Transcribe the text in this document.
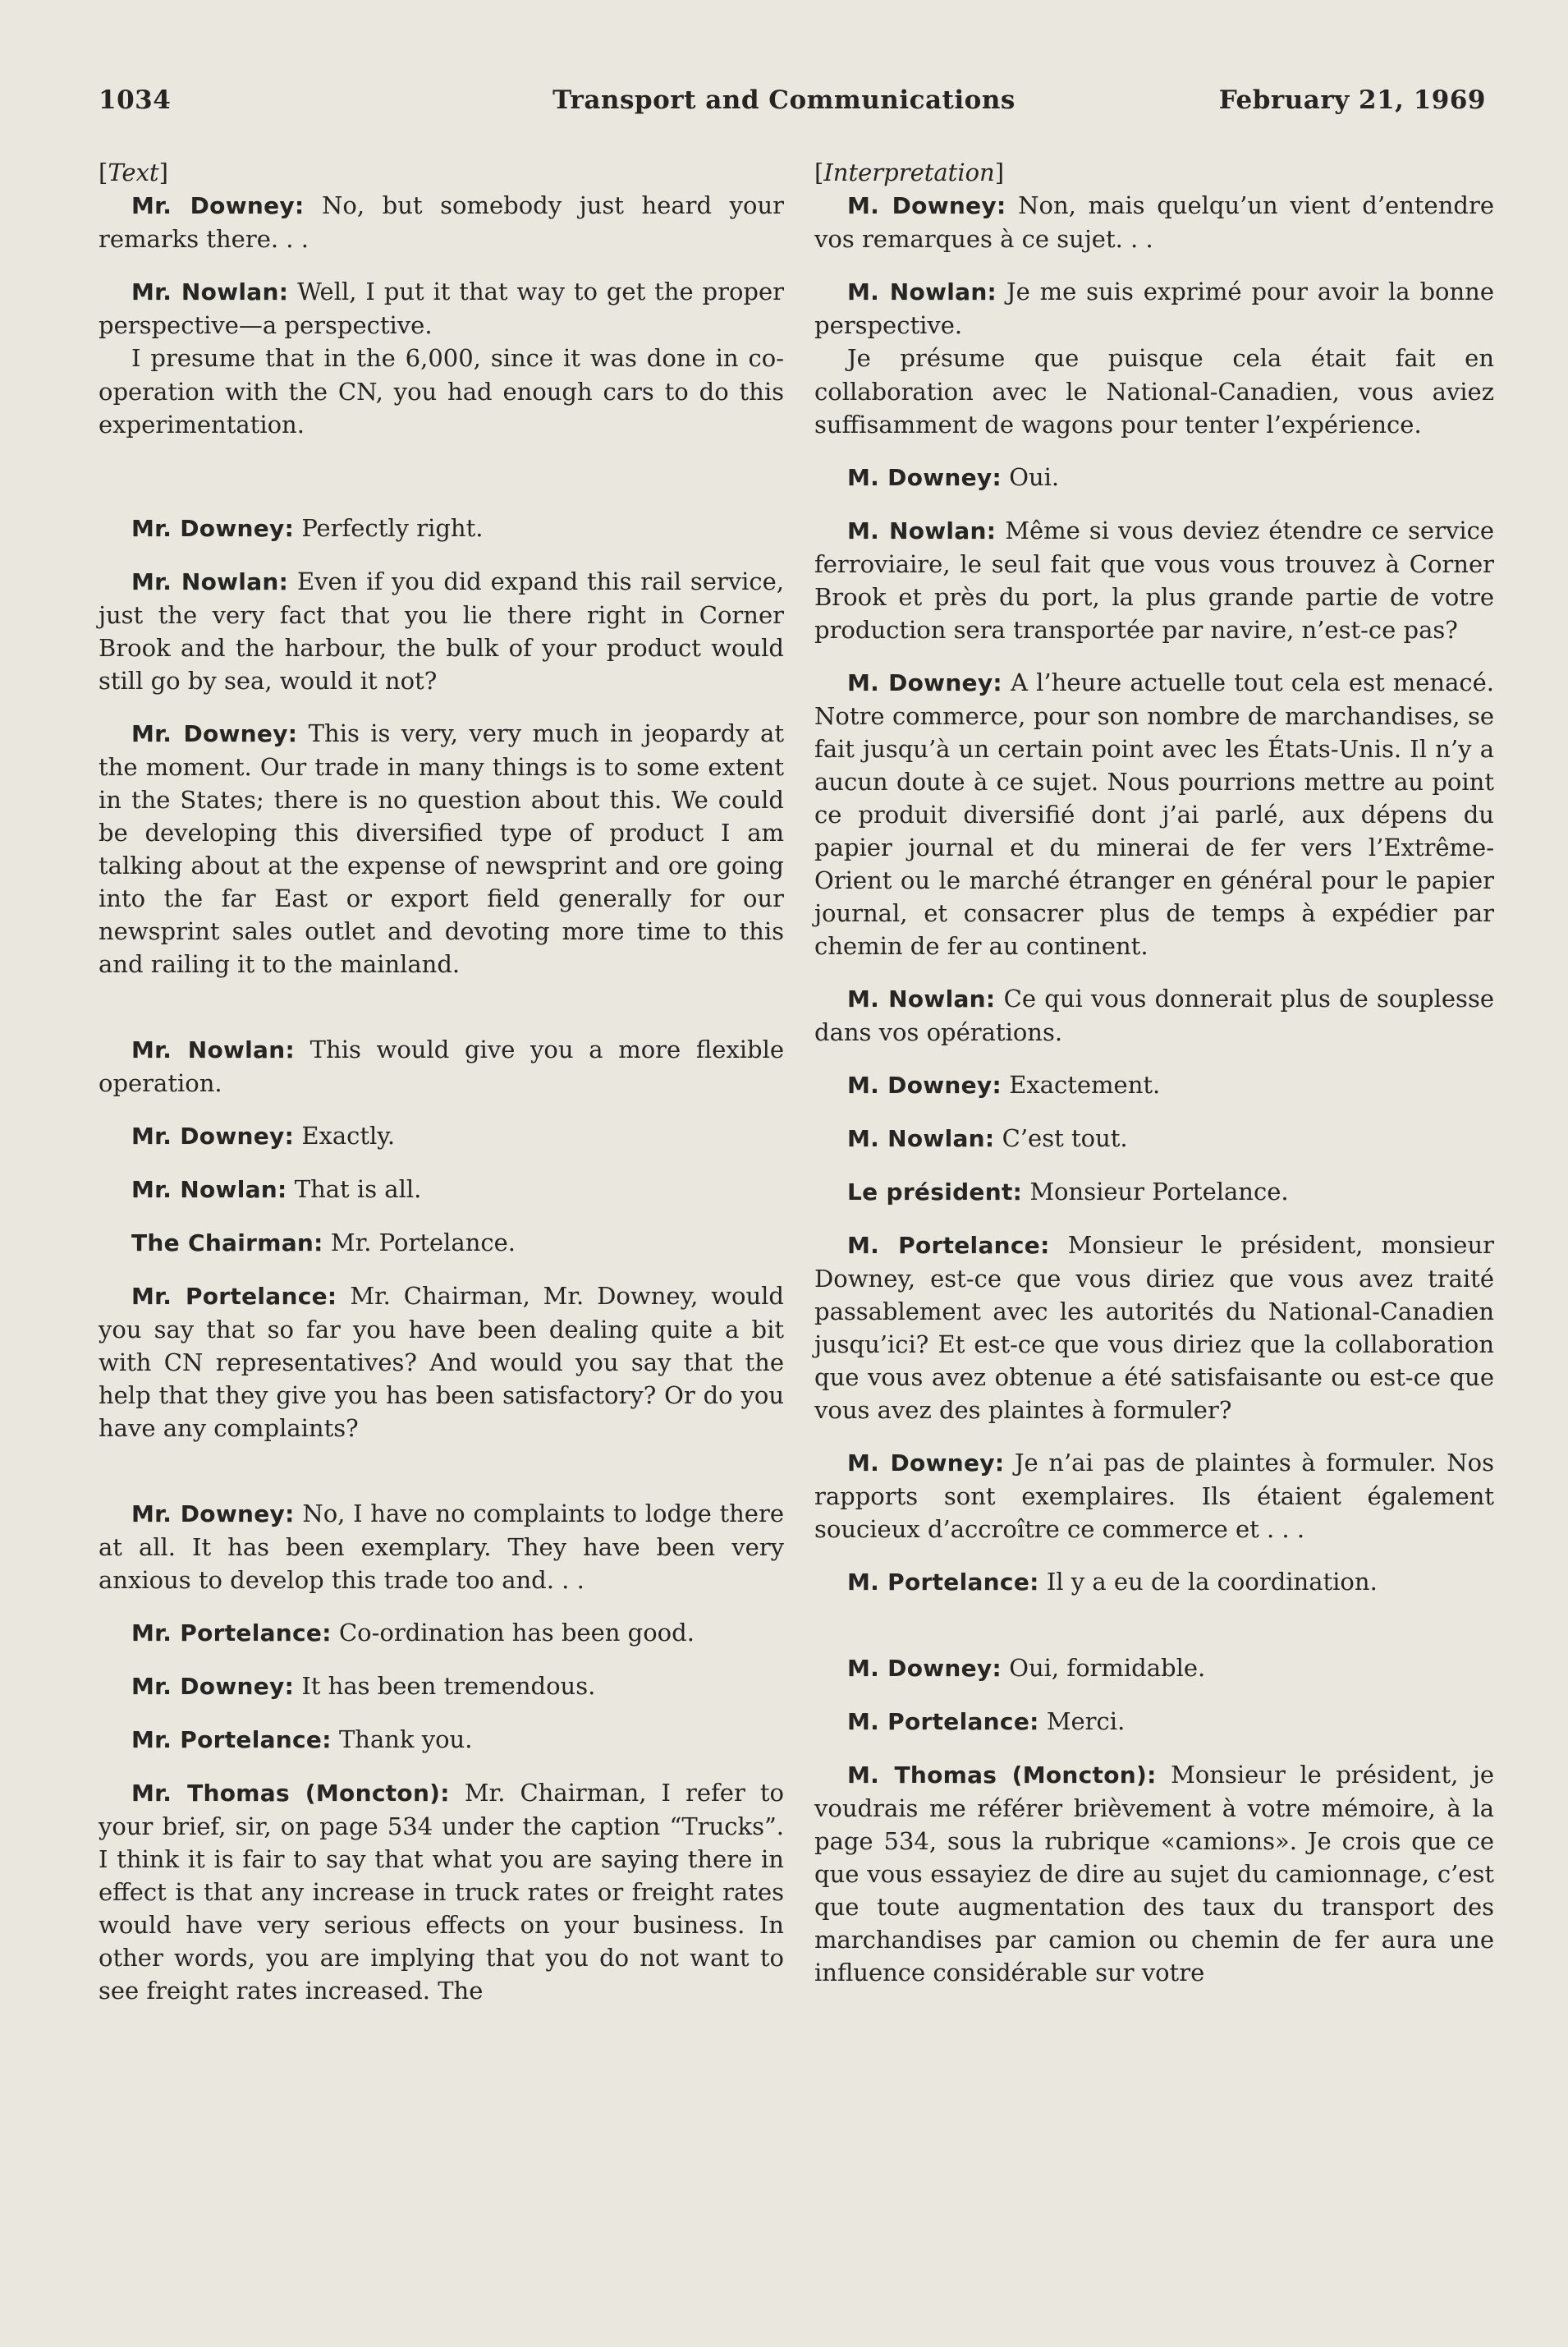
1034	Transport and Communications	February 21, 1969

[Text]

Mr. Downey: No, but somebody just heard your remarks there. . .

Mr. Nowlan: Well, I put it that way to get the proper perspective—a perspective.

I presume that in the 6,000, since it was done in co-operation with the CN, you had enough cars to do this experimentation.

Mr. Downey: Perfectly right.

Mr. Nowlan: Even if you did expand this rail service, just the very fact that you lie there right in Corner Brook and the harbour, the bulk of your product would still go by sea, would it not?

Mr. Downey: This is very, very much in jeopardy at the moment. Our trade in many things is to some extent in the States; there is no question about this. We could be developing this diversified type of product I am talking about at the expense of newsprint and ore going into the far East or export field generally for our newsprint sales outlet and devoting more time to this and railing it to the mainland.

Mr. Nowlan: This would give you a more flexible operation.

Mr. Downey: Exactly.

Mr. Nowlan: That is all.

The Chairman: Mr. Portelance.

Mr. Portelance: Mr. Chairman, Mr. Downey, would you say that so far you have been dealing quite a bit with CN representatives? And would you say that the help that they give you has been satisfactory? Or do you have any complaints?

Mr. Downey: No, I have no complaints to lodge there at all. It has been exemplary. They have been very anxious to develop this trade too and. . .

Mr. Portelance: Co-ordination has been good.

Mr. Downey: It has been tremendous.

Mr. Portelance: Thank you.

Mr. Thomas (Moncton): Mr. Chairman, I refer to your brief, sir, on page 534 under the caption “Trucks”. I think it is fair to say that what you are saying there in effect is that any increase in truck rates or freight rates would have very serious effects on your business. In other words, you are implying that you do not want to see freight rates increased. The

[Interpretation]

M. Downey: Non, mais quelqu’un vient d’entendre vos remarques à ce sujet. . .

M. Nowlan: Je me suis exprimé pour avoir la bonne perspective.

Je présume que puisque cela était fait en collaboration avec le National-Canadien, vous aviez suffisamment de wagons pour tenter l’expérience.

M. Downey: Oui.

M. Nowlan: Même si vous deviez étendre ce service ferroviaire, le seul fait que vous vous trouvez à Corner Brook et près du port, la plus grande partie de votre production sera transportée par navire, n’est-ce pas?

M. Downey: A l’heure actuelle tout cela est menacé. Notre commerce, pour son nombre de marchandises, se fait jusqu’à un certain point avec les États-Unis. Il n’y a aucun doute à ce sujet. Nous pourrions mettre au point ce produit diversifié dont j’ai parlé, aux dépens du papier journal et du minerai de fer vers l’Extrême-Orient ou le marché étranger en général pour le papier journal, et consacrer plus de temps à expédier par chemin de fer au continent.

M. Nowlan: Ce qui vous donnerait plus de souplesse dans vos opérations.

M. Downey: Exactement.

M. Nowlan: C’est tout.

Le président: Monsieur Portelance.

M. Portelance: Monsieur le président, monsieur Downey, est-ce que vous diriez que vous avez traité passablement avec les autorités du National-Canadien jusqu’ici? Et est-ce que vous diriez que la collaboration que vous avez obtenue a été satisfaisante ou est-ce que vous avez des plaintes à formuler?

M. Downey: Je n’ai pas de plaintes à formuler. Nos rapports sont exemplaires. Ils étaient également soucieux d’accroître ce commerce et . . .

M. Portelance: Il y a eu de la coordination.

M. Downey: Oui, formidable.

M. Portelance: Merci.

M. Thomas (Moncton): Monsieur le président, je voudrais me référer brièvement à votre mémoire, à la page 534, sous la rubrique «camions». Je crois que ce que vous essayiez de dire au sujet du camionnage, c’est que toute augmentation des taux du transport des marchandises par camion ou chemin de fer aura une influence considérable sur votre
